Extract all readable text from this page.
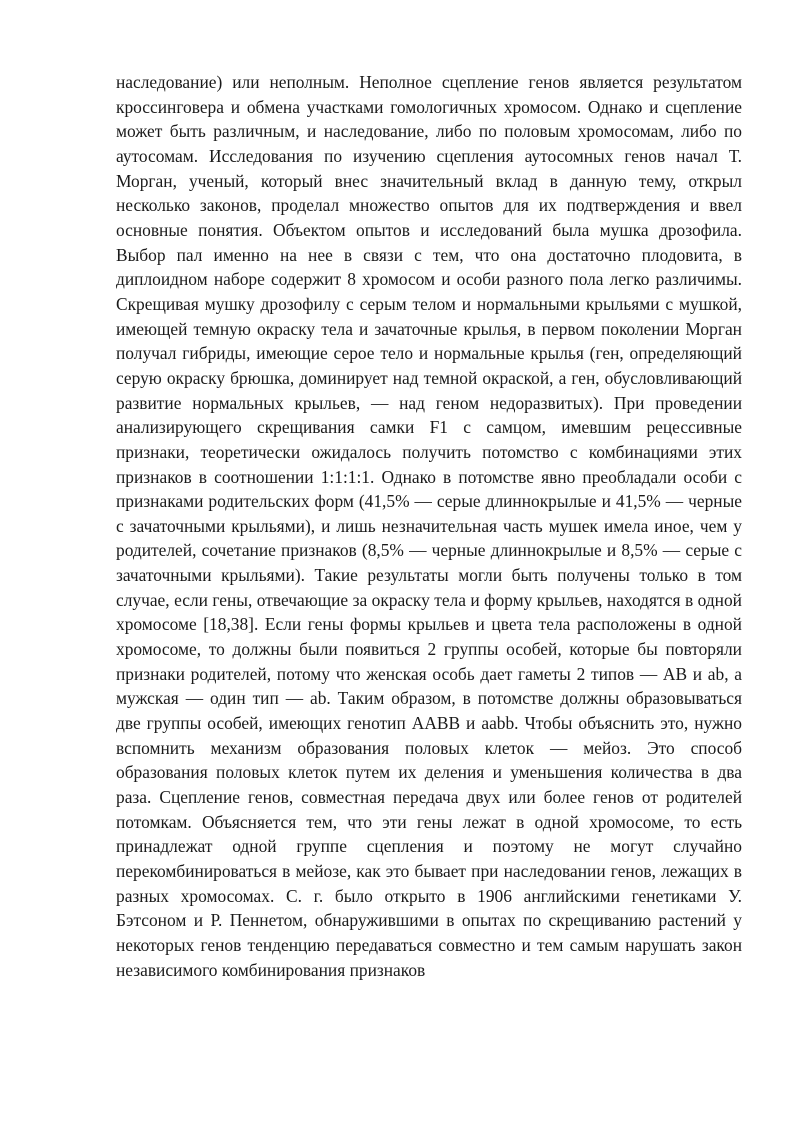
наследование) или неполным. Неполное сцепление генов является результатом кроссинговера и обмена участками гомологичных хромосом. Однако и сцепление может быть различным, и наследование, либо по половым хромосомам, либо по аутосомам. Исследования по изучению сцепления аутосомных генов начал Т. Морган, ученый, который внес значительный вклад в данную тему, открыл несколько законов, проделал множество опытов для их подтверждения и ввел основные понятия. Объектом опытов и исследований была мушка дрозофила. Выбор пал именно на нее в связи с тем, что она достаточно плодовита, в диплоидном наборе содержит 8 хромосом и особи разного пола легко различимы. Скрещивая мушку дрозофилу с серым телом и нормальными крыльями с мушкой, имеющей темную окраску тела и зачаточные крылья, в первом поколении Морган получал гибриды, имеющие серое тело и нормальные крылья (ген, определяющий серую окраску брюшка, доминирует над темной окраской, а ген, обусловливающий развитие нормальных крыльев, — над геном недоразвитых). При проведении анализирующего скрещивания самки F1 с самцом, имевшим рецессивные признаки, теоретически ожидалось получить потомство с комбинациями этих признаков в соотношении 1:1:1:1. Однако в потомстве явно преобладали особи с признаками родительских форм (41,5% — серые длиннокрылые и 41,5% — черные с зачаточными крыльями), и лишь незначительная часть мушек имела иное, чем у родителей, сочетание признаков (8,5% — черные длиннокрылые и 8,5% — серые с зачаточными крыльями). Такие результаты могли быть получены только в том случае, если гены, отвечающие за окраску тела и форму крыльев, находятся в одной хромосоме [18,38]. Если гены формы крыльев и цвета тела расположены в одной хромосоме, то должны были появиться 2 группы особей, которые бы повторяли признаки родителей, потому что женская особь дает гаметы 2 типов — AB и ab, а мужская — один тип — ab. Таким образом, в потомстве должны образовываться две группы особей, имеющих генотип AABB и aabb. Чтобы объяснить это, нужно вспомнить механизм образования половых клеток — мейоз. Это способ образования половых клеток путем их деления и уменьшения количества в два раза. Сцепление генов, совместная передача двух или более генов от родителей потомкам. Объясняется тем, что эти гены лежат в одной хромосоме, то есть принадлежат одной группе сцепления и поэтому не могут случайно перекомбинироваться в мейозе, как это бывает при наследовании генов, лежащих в разных хромосомах. С. г. было открыто в 1906 английскими генетиками У. Бэтсоном и Р. Пеннетом, обнаружившими в опытах по скрещиванию растений у некоторых генов тенденцию передаваться совместно и тем самым нарушать закон независимого комбинирования признаков
